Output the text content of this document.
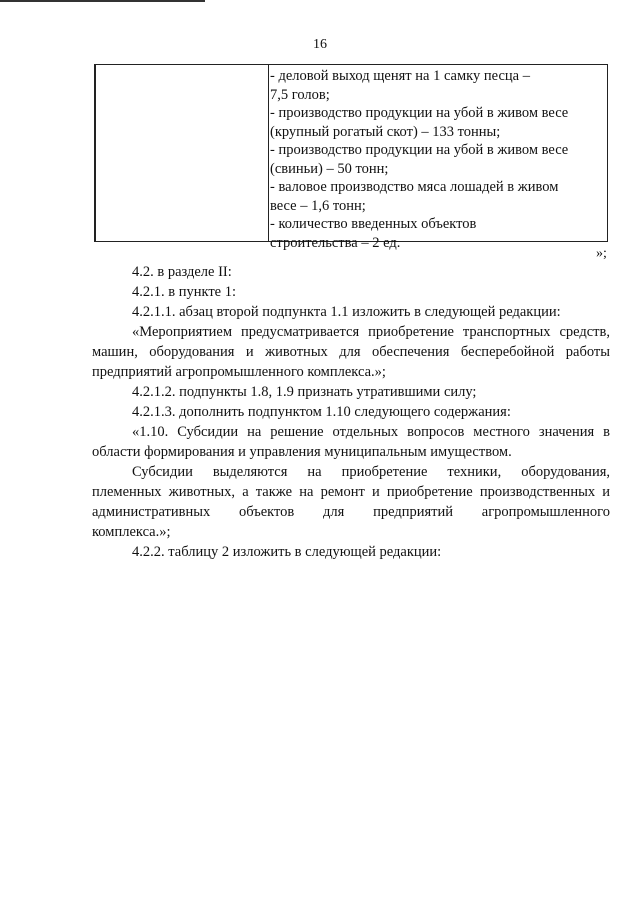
16
- деловой выход щенят на 1 самку песца –
7,5 голов;
- производство продукции на убой в живом весе
(крупный рогатый скот) – 133 тонны;
- производство продукции на убой в живом весе
(свиньи) – 50 тонн;
- валовое производство мяса лошадей в живом
весе – 1,6 тонн;
- количество введенных объектов
строительства – 2 ед.
»;
4.2. в разделе II:
4.2.1. в пункте 1:
4.2.1.1. абзац второй подпункта 1.1 изложить в следующей редакции:
«Мероприятием предусматривается приобретение транспортных средств,
машин, оборудования и животных для обеспечения бесперебойной работы
предприятий агропромышленного комплекса.»;
4.2.1.2. подпункты 1.8, 1.9 признать утратившими силу;
4.2.1.3. дополнить подпунктом 1.10 следующего содержания:
«1.10. Субсидии на решение отдельных вопросов местного значения в
области формирования и управления муниципальным имуществом.
Субсидии выделяются на приобретение техники, оборудования,
племенных животных, а также на ремонт и приобретение производственных и
административных объектов для предприятий агропромышленного
комплекса.»;
4.2.2. таблицу 2 изложить в следующей редакции:
